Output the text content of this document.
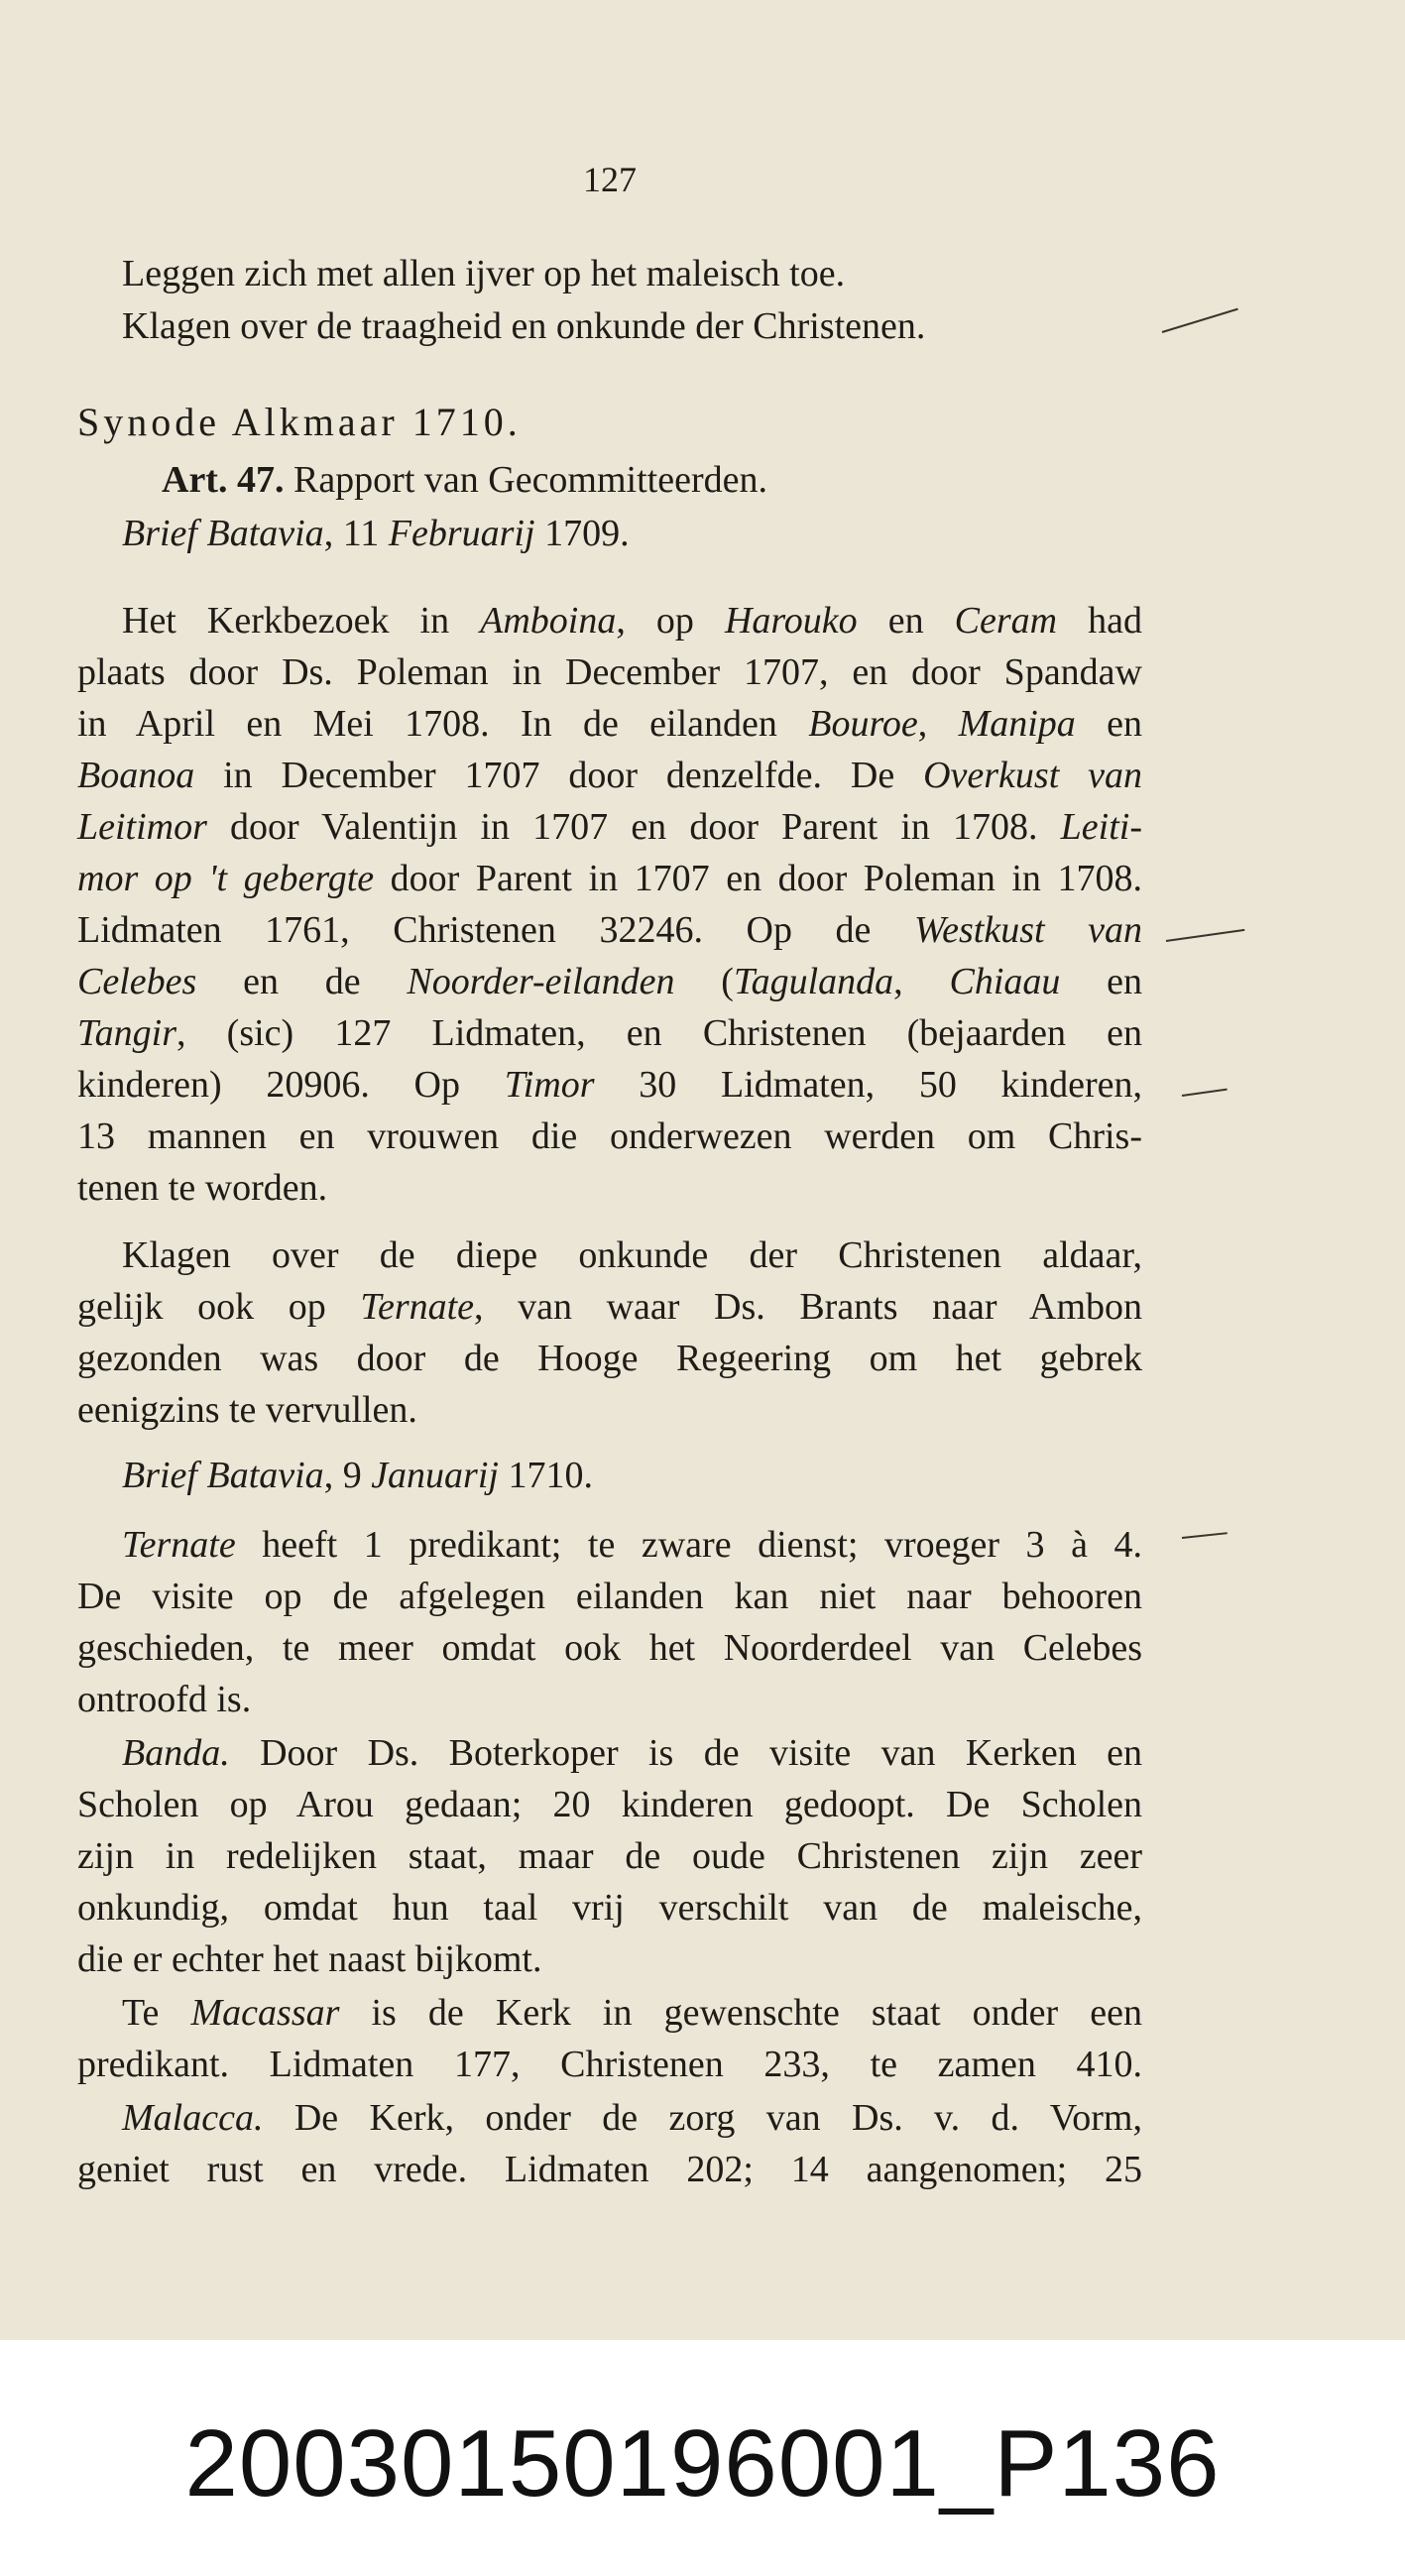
127
Leggen zich met allen ijver op het maleisch toe.
Klagen over de traagheid en onkunde der Christenen.
Synode Alkmaar 1710.
Art. 47. Rapport van Gecommitteerden.
Brief Batavia, 11 Februarij 1709.
Het Kerkbezoek in Amboina, op Harouko en Ceram had
plaats door Ds. Poleman in December 1707, en door Spandaw
in April en Mei 1708. In de eilanden Bouroe, Manipa en
Boanoa in December 1707 door denzelfde. De Overkust van
Leitimor door Valentijn in 1707 en door Parent in 1708. Leiti-
mor op 't gebergte door Parent in 1707 en door Poleman in 1708.
Lidmaten 1761, Christenen 32246. Op de Westkust van
Celebes en de Noorder-eilanden (Tagulanda, Chiaau en
Tangir, (sic) 127 Lidmaten, en Christenen (bejaarden en
kinderen) 20906. Op Timor 30 Lidmaten, 50 kinderen,
13 mannen en vrouwen die onderwezen werden om Chris-
tenen te worden.
Klagen over de diepe onkunde der Christenen aldaar,
gelijk ook op Ternate, van waar Ds. Brants naar Ambon
gezonden was door de Hooge Regeering om het gebrek
eenigzins te vervullen.
Brief Batavia, 9 Januarij 1710.
Ternate heeft 1 predikant; te zware dienst; vroeger 3 à 4.
De visite op de afgelegen eilanden kan niet naar behooren
geschieden, te meer omdat ook het Noorderdeel van Celebes
ontroofd is.
Banda. Door Ds. Boterkoper is de visite van Kerken en
Scholen op Arou gedaan; 20 kinderen gedoopt. De Scholen
zijn in redelijken staat, maar de oude Christenen zijn zeer
onkundig, omdat hun taal vrij verschilt van de maleische,
die er echter het naast bijkomt.
Te Macassar is de Kerk in gewenschte staat onder een
predikant. Lidmaten 177, Christenen 233, te zamen 410.
Malacca. De Kerk, onder de zorg van Ds. v. d. Vorm,
geniet rust en vrede. Lidmaten 202; 14 aangenomen; 25
20030150196001_P136
